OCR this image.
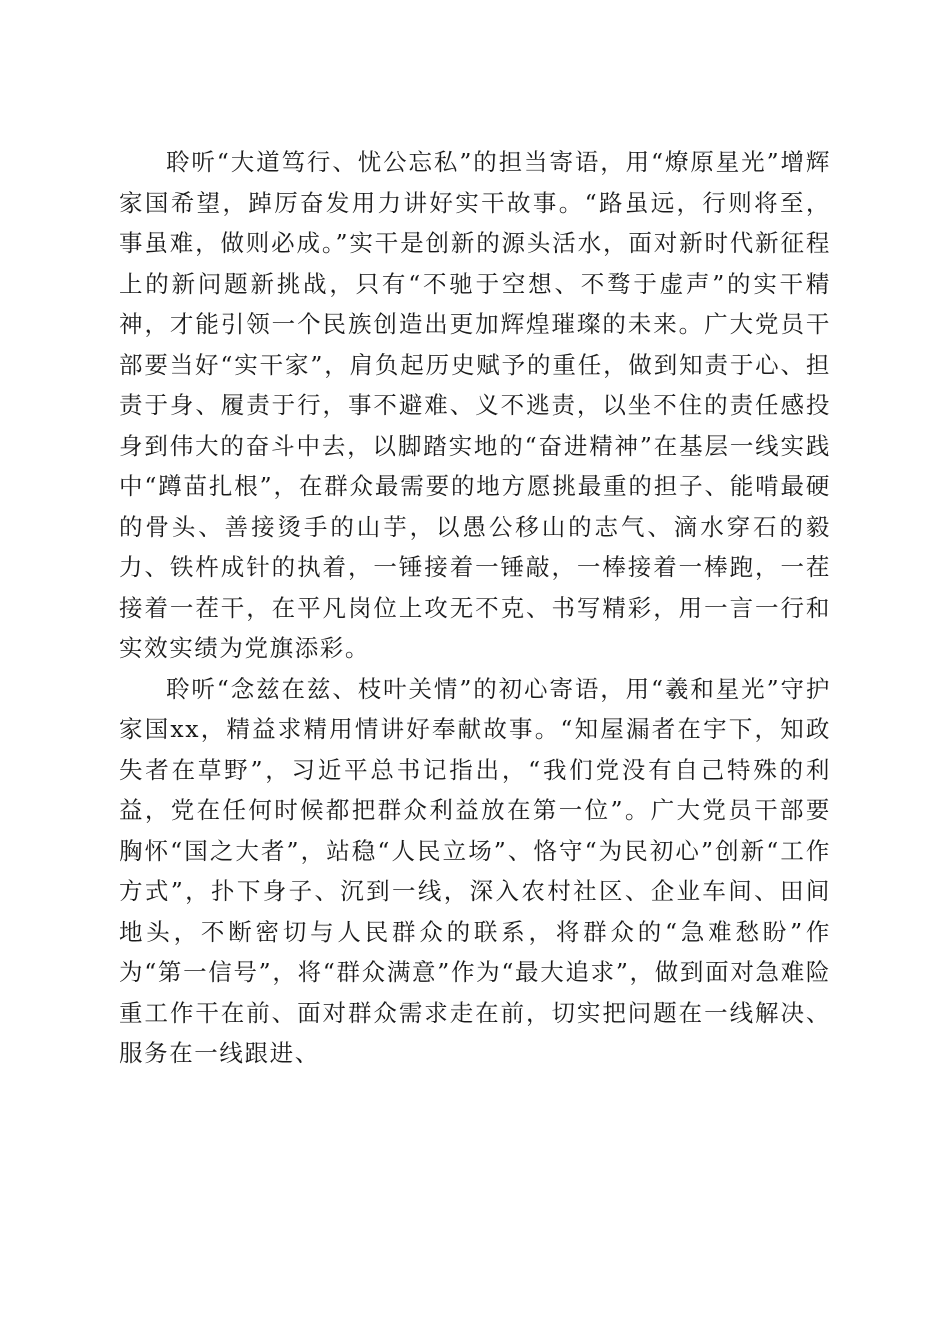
聆听“大道笃行、忧公忘私”的担当寄语，用“燎原星光”增辉家国希望，踔厉奋发用力讲好实干故事。“路虽远，行则将至，事虽难，做则必成。”实干是创新的源头活水，面对新时代新征程上的新问题新挑战，只有“不驰于空想、不骛于虚声”的实干精神，才能引领一个民族创造出更加辉煌璀璨的未来。广大党员干部要当好“实干家”，肩负起历史赋予的重任，做到知责于心、担责于身、履责于行，事不避难、义不逃责，以坐不住的责任感投身到伟大的奋斗中去，以脚踏实地的“奋进精神”在基层一线实践中“蹲苗扎根”，在群众最需要的地方愿挑最重的担子、能啃最硬的骨头、善接烫手的山芋，以愚公移山的志气、滴水穿石的毅力、铁杵成针的执着，一锤接着一锤敲，一棒接着一棒跑，一茬接着一茬干，在平凡岗位上攻无不克、书写精彩，用一言一行和实效实绩为党旗添彩。

聆听“念兹在兹、枝叶关情”的初心寄语，用“羲和星光”守护家国xx，精益求精用情讲好奉献故事。“知屋漏者在宇下，知政失者在草野”，习近平总书记指出，“我们党没有自己特殊的利益，党在任何时候都把群众利益放在第一位”。广大党员干部要胸怀“国之大者”，站稳“人民立场”、恪守“为民初心”创新“工作方式”，扑下身子、沉到一线，深入农村社区、企业车间、田间地头，不断密切与人民群众的联系，将群众的“急难愁盼”作为“第一信号”，将“群众满意”作为“最大追求”，做到面对急难险重工作干在前、面对群众需求走在前，切实把问题在一线解决、服务在一线跟进、
